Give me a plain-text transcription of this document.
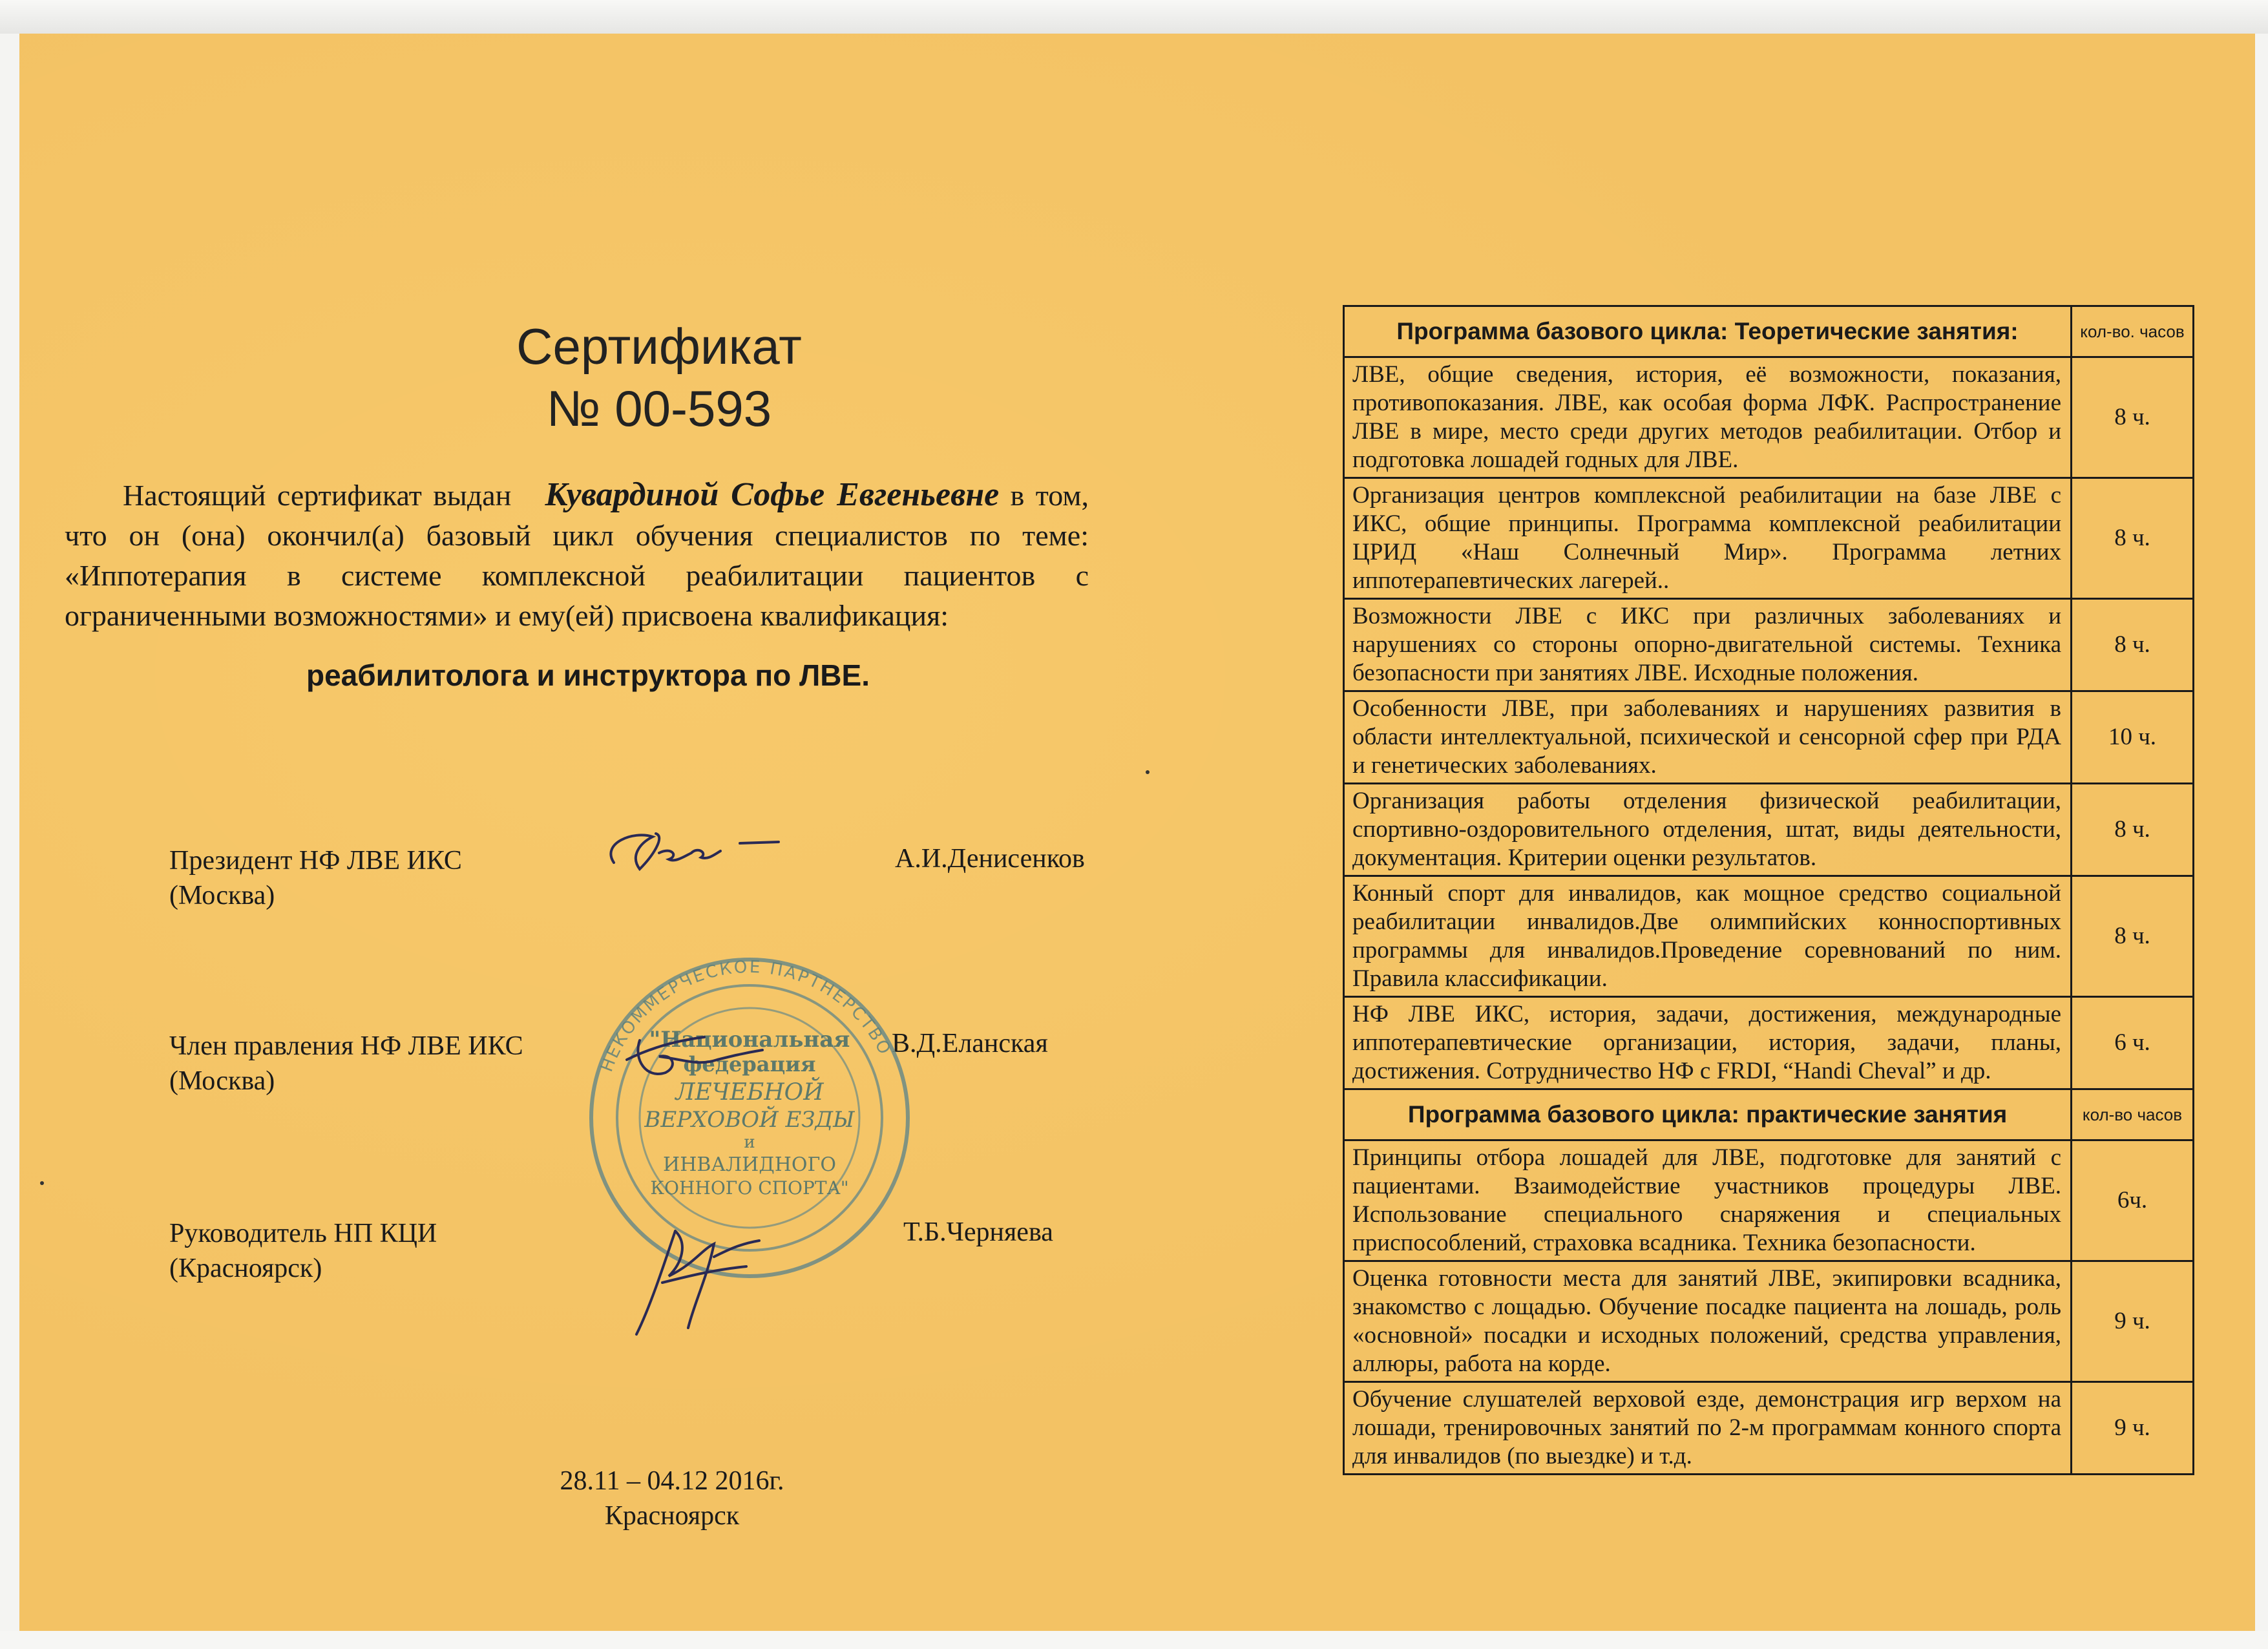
Сертификат
№ 00-593
Настоящий сертификат выдан Кувардиной Софье Евгеньевне в том, что он (она) окончил(а) базовый цикл обучения специалистов по теме: «Иппотерапия в системе комплексной реабилитации пациентов с ограниченными возможностями» и ему(ей) присвоена квалификация:
реабилитолога и инструктора по ЛВЕ.
Президент НФ ЛВЕ ИКС
(Москва)
А.И.Денисенков
Член правления НФ ЛВЕ ИКС
(Москва)
В.Д.Еланская
Руководитель НП КЦИ
(Красноярск)
Т.Б.Черняева
НЕКОММЕРЧЕСКОЕ ПАРТНЕРСТВО
"Национальная
федерация
ЛЕЧЕБНОЙ
ВЕРХОВОЙ ЕЗДЫ
и
ИНВАЛИДНОГО
КОННОГО СПОРТА"
28.11 – 04.12 2016г.
Красноярск
Программа базового цикла: Теоретические занятия:	кол-во. часов
ЛВЕ, общие сведения, история, её возможности, показания, противопоказания. ЛВЕ, как особая форма ЛФК. Распространение ЛВЕ в мире, место среди других методов реабилитации. Отбор и подготовка лошадей годных для ЛВЕ.	8 ч.
Организация центров комплексной реабилитации на базе ЛВЕ с ИКС, общие принципы. Программа комплексной реабилитации ЦРИД «Наш Солнечный Мир». Программа летних иппотерапевтических лагерей..	8 ч.
Возможности ЛВЕ с ИКС при различных заболеваниях и нарушениях со стороны опорно-двигательной системы. Техника безопасности при занятиях ЛВЕ. Исходные положения.	8 ч.
Особенности ЛВЕ, при заболеваниях и нарушениях развития в области интеллектуальной, психической и сенсорной сфер при РДА и генетических заболеваниях.	10 ч.
Организация работы отделения физической реабилитации, спортивно-оздоровительного отделения, штат, виды деятельности, документация. Критерии оценки результатов.	8 ч.
Конный спорт для инвалидов, как мощное средство социальной реабилитации инвалидов.Две олимпийских конноспортивных программы для инвалидов.Проведение соревнований по ним. Правила классификации.	8 ч.
НФ ЛВЕ ИКС, история, задачи, достижения, международные иппотерапевтические организации, история, задачи, планы, достижения. Сотрудничество НФ с FRDI, “Handi Cheval” и др.	6 ч.
Программа базового цикла: практические занятия	кол-во часов
Принципы отбора лошадей для ЛВЕ, подготовке для занятий с пациентами. Взаимодействие участников процедуры ЛВЕ. Использование специального снаряжения и специальных приспособлений, страховка всадника. Техника безопасности.	6ч.
Оценка готовности места для занятий ЛВЕ, экипировки всадника, знакомство с лощадью. Обучение посадке пациента на лошадь, роль «основной» посадки и исходных положений, средства управления, аллюры, работа на корде.	9 ч.
Обучение слушателей верховой езде, демонстрация игр верхом на лошади, тренировочных занятий по 2-м программам конного спорта для инвалидов (по выездке) и т.д.	9 ч.
